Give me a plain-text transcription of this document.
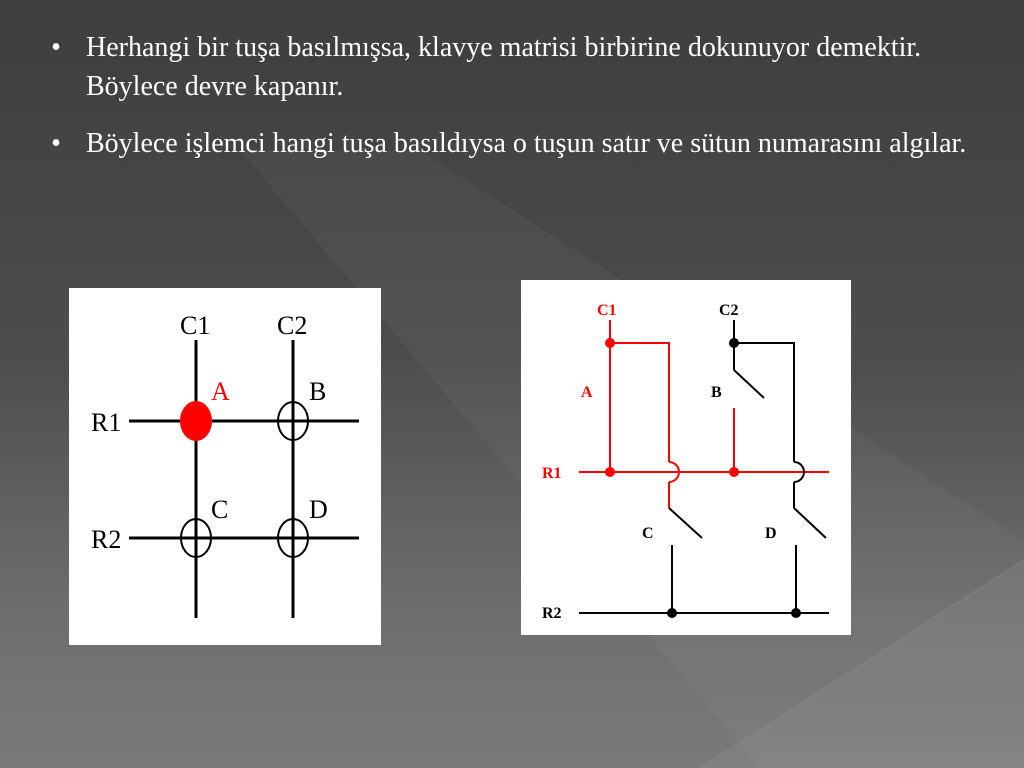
• Herhangi bir tuşa basılmışsa, klavye matrisi birbirine dokunuyor demektir. Böylece devre kapanır.
• Böylece işlemci hangi tuşa basıldıysa o tuşun satır ve sütun numarasını algılar.
C1	C2
R1
R2
A	B
C	D
C1	C2
A	B
R1
C	D
R2
